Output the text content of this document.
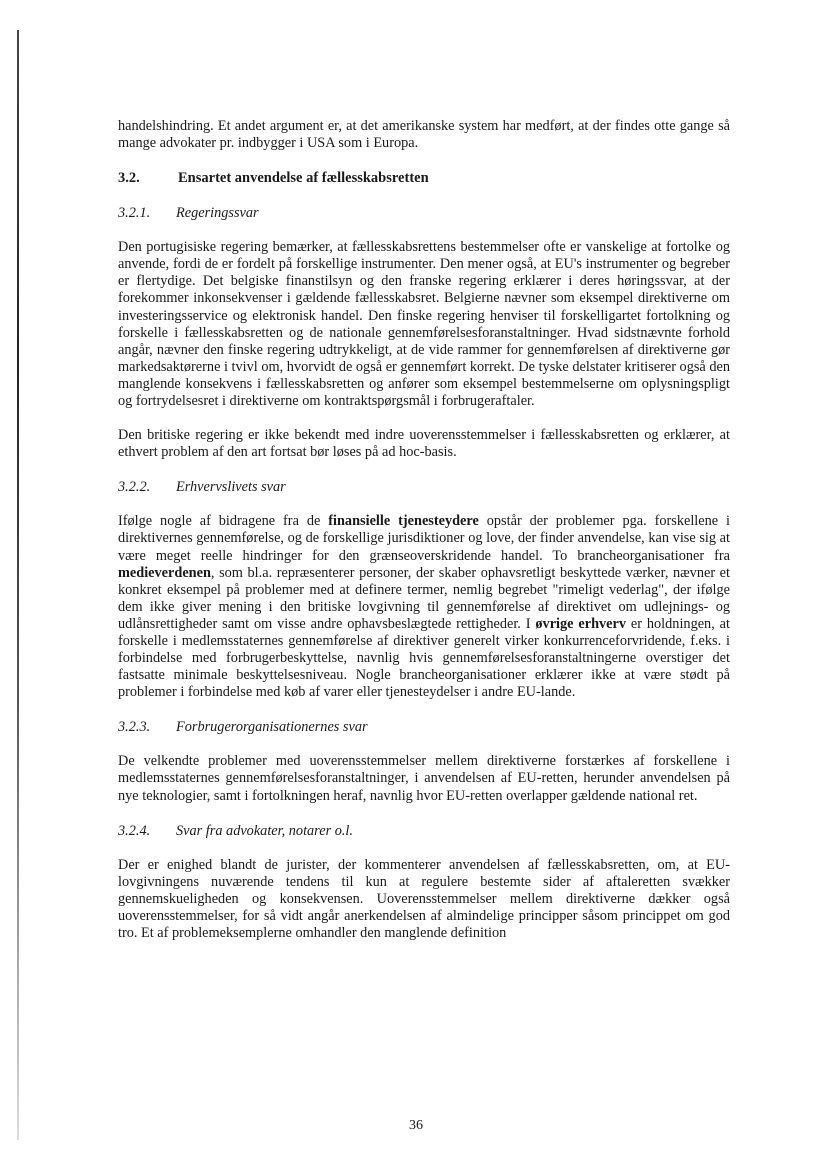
handelshindring. Et andet argument er, at det amerikanske system har medført, at der findes otte gange så mange advokater pr. indbygger i USA som i Europa.

3.2.	Ensartet anvendelse af fællesskabsretten
3.2.1. Regeringssvar

Den portugisiske regering bemærker, at fællesskabsrettens bestemmelser ofte er vanskelige at fortolke og anvende, fordi de er fordelt på forskellige instrumenter. Den mener også, at EU's instrumenter og begreber er flertydige. Det belgiske finanstilsyn og den franske regering erklærer i deres høringssvar, at der forekommer inkonsekvenser i gældende fællesskabsret. Belgierne nævner som eksempel direktiverne om investeringsservice og elektronisk handel. Den finske regering henviser til forskelligartet fortolkning og forskelle i fællesskabsretten og de nationale gennemførelsesforanstaltninger. Hvad sidstnævnte forhold angår, nævner den finske regering udtrykkeligt, at de vide rammer for gennemførelsen af direktiverne gør markedsaktørerne i tvivl om, hvorvidt de også er gennemført korrekt. De tyske delstater kritiserer også den manglende konsekvens i fællesskabsretten og anfører som eksempel bestemmelserne om oplysningspligt og fortrydelsesret i direktiverne om kontraktspørgsmål i forbrugeraftaler.

Den britiske regering er ikke bekendt med indre uoverensstemmelser i fællesskabsretten og erklærer, at ethvert problem af den art fortsat bør løses på ad hoc-basis.

3.2.2. Erhvervslivets svar

Ifølge nogle af bidragene fra de finansielle tjenesteydere opstår der problemer pga. forskellene i direktivernes gennemførelse, og de forskellige jurisdiktioner og love, der finder anvendelse, kan vise sig at være meget reelle hindringer for den grænseoverskridende handel. To brancheorganisationer fra medieverdenen, som bl.a. repræsenterer personer, der skaber ophavsretligt beskyttede værker, nævner et konkret eksempel på problemer med at definere termer, nemlig begrebet "rimeligt vederlag", der ifølge dem ikke giver mening i den britiske lovgivning til gennemførelse af direktivet om udlejnings- og udlånsrettigheder samt om visse andre ophavsbeslægtede rettigheder. I øvrige erhverv er holdningen, at forskelle i medlemsstaternes gennemførelse af direktiver generelt virker konkurrenceforvridende, f.eks. i forbindelse med forbrugerbeskyttelse, navnlig hvis gennemførelsesforanstaltningerne overstiger det fastsatte minimale beskyttelsesniveau. Nogle brancheorganisationer erklærer ikke at være stødt på problemer i forbindelse med køb af varer eller tjenesteydelser i andre EU-lande.

3.2.3. Forbrugerorganisationernes svar

De velkendte problemer med uoverensstemmelser mellem direktiverne forstærkes af forskellene i medlemsstaternes gennemførelsesforanstaltninger, i anvendelsen af EU-retten, herunder anvendelsen på nye teknologier, samt i fortolkningen heraf, navnlig hvor EU-retten overlapper gældende national ret.

3.2.4. Svar fra advokater, notarer o.l.

Der er enighed blandt de jurister, der kommenterer anvendelsen af fællesskabsretten, om, at EU-lovgivningens nuværende tendens til kun at regulere bestemte sider af aftaleretten svækker gennemskueligheden og konsekvensen. Uoverensstemmelser mellem direktiverne dækker også uoverensstemmelser, for så vidt angår anerkendelsen af almindelige principper såsom princippet om god tro. Et af problemeksemplerne omhandler den manglende definition

36
